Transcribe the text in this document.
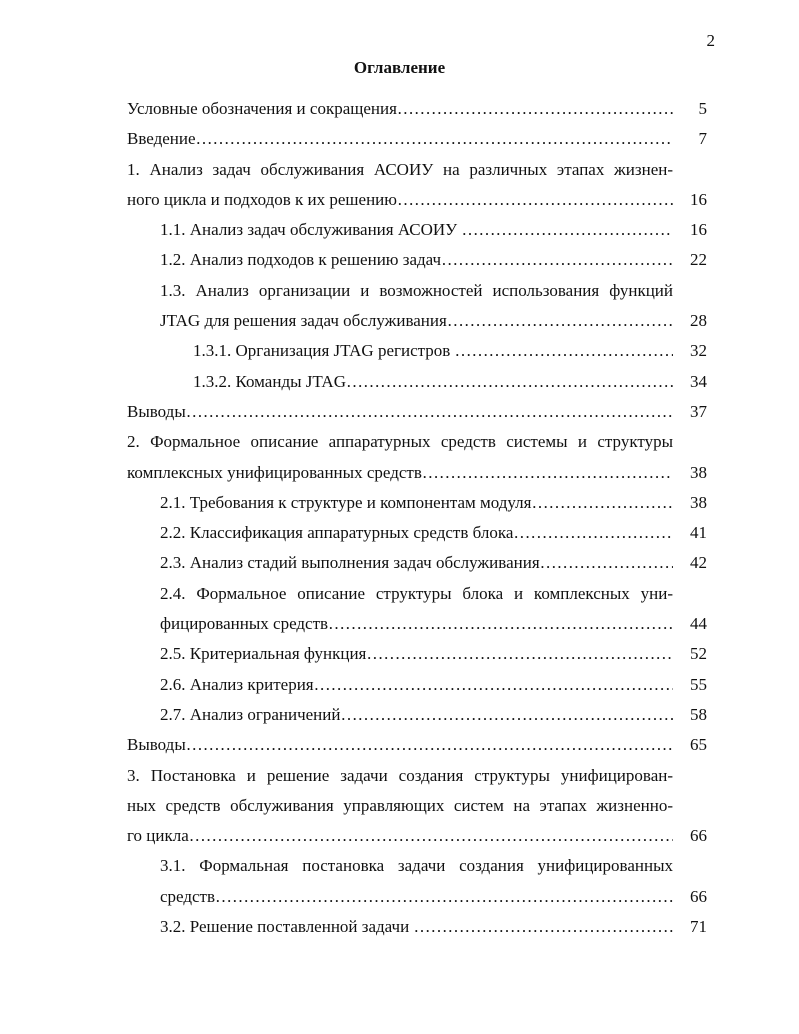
2
Оглавление
Условные обозначения и сокращения …………………………………………………………………………………………………………………………………………………………………………………………………	5
Введение …………………………………………………………………………………………………………………………………………………………………………………………………	7
1. Анализ задач обслуживания АСОИУ на различных этапах жизнен-
ного цикла и подходов к их решению …………………………………………………………………………………………………………………………………………………………………………………………………	16
1.1. Анализ задач обслуживания АСОИУ …………………………………………………………………………………………………………………………………………………………………………………………………	16
1.2. Анализ подходов к решению задач …………………………………………………………………………………………………………………………………………………………………………………………………	22
1.3. Анализ организации и возможностей использования функций
JTAG для решения задач обслуживания …………………………………………………………………………………………………………………………………………………………………………………………………	28
1.3.1. Организация JTAG регистров …………………………………………………………………………………………………………………………………………………………………………………………………	32
1.3.2. Команды JTAG …………………………………………………………………………………………………………………………………………………………………………………………………	34
Выводы …………………………………………………………………………………………………………………………………………………………………………………………………	37
2. Формальное описание аппаратурных средств системы и структуры
комплексных унифицированных средств …………………………………………………………………………………………………………………………………………………………………………………………………	38
2.1. Требования к структуре и компонентам модуля …………………………………………………………………………………………………………………………………………………………………………………………………	38
2.2. Классификация аппаратурных средств блока …………………………………………………………………………………………………………………………………………………………………………………………………	41
2.3. Анализ стадий выполнения задач обслуживания …………………………………………………………………………………………………………………………………………………………………………………………………	42
2.4. Формальное описание структуры блока и комплексных уни-
фицированных средств …………………………………………………………………………………………………………………………………………………………………………………………………	44
2.5. Критериальная функция …………………………………………………………………………………………………………………………………………………………………………………………………	52
2.6. Анализ критерия …………………………………………………………………………………………………………………………………………………………………………………………………	55
2.7. Анализ ограничений …………………………………………………………………………………………………………………………………………………………………………………………………	58
Выводы …………………………………………………………………………………………………………………………………………………………………………………………………	65
3. Постановка и решение задачи создания структуры унифицирован-
ных средств обслуживания управляющих систем на этапах жизненно-
го цикла …………………………………………………………………………………………………………………………………………………………………………………………………	66
3.1. Формальная постановка задачи создания унифицированных
средств …………………………………………………………………………………………………………………………………………………………………………………………………	66
3.2. Решение поставленной задачи …………………………………………………………………………………………………………………………………………………………………………………………………	71
